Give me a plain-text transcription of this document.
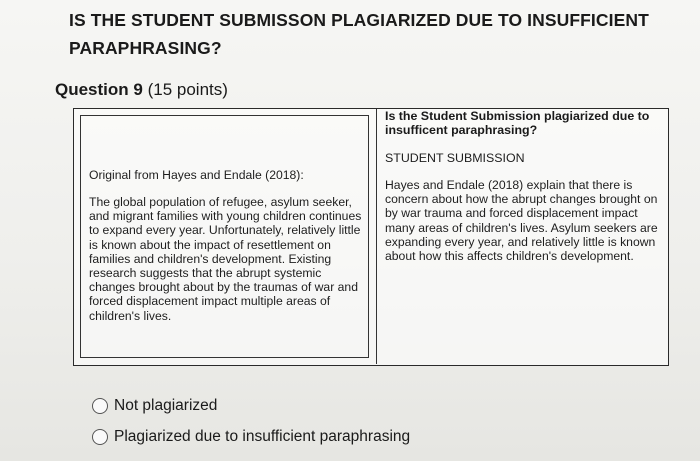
IS THE STUDENT SUBMISSON PLAGIARIZED DUE TO INSUFFICIENT PARAPHRASING?
Question 9 (15 points)
Original from Hayes and Endale (2018):
The global population of refugee, asylum seeker, and migrant families with young children continues to expand every year. Unfortunately, relatively little is known about the impact of resettlement on families and children's development. Existing research suggests that the abrupt systemic changes brought about by the traumas of war and forced displacement impact multiple areas of children's lives.
Is the Student Submission plagiarized due to insufficent paraphrasing?
STUDENT SUBMISSION
Hayes and Endale (2018) explain that there is concern about how the abrupt changes brought on by war trauma and forced displacement impact many areas of children's lives. Asylum seekers are expanding every year, and relatively little is known about how this affects children's development.
Not plagiarized
Plagiarized due to insufficient paraphrasing
